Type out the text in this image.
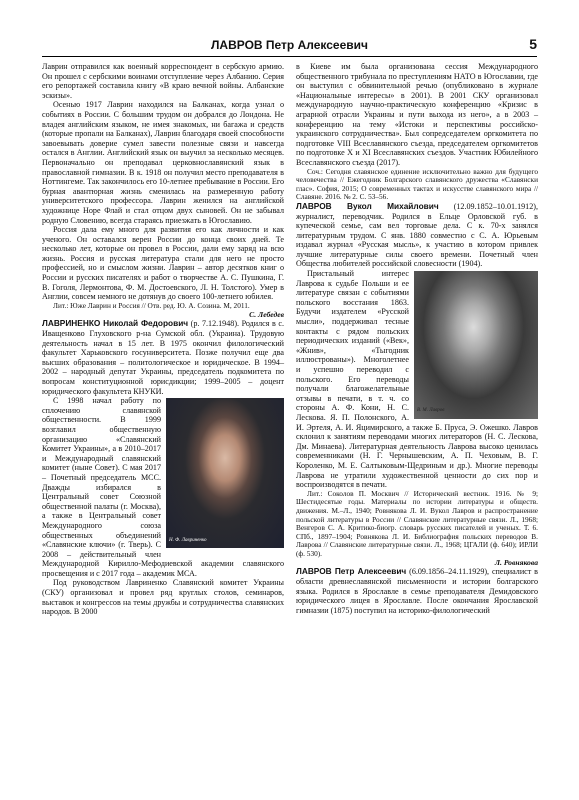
ЛАВРОВ Петр Алексеевич	5

Лаврин отправился как военный корреспондент в сербскую армию. Он прошел с сербскими воинами отступление через Албанию. Серия его репортажей составила книгу «В краю вечной войны. Албанские эскизы».

Осенью 1917 Лаврин находился на Балканах, когда узнал о событиях в России. С большим трудом он добрался до Лондона. Не владея английским языком, не имея знакомых, ни багажа и средств (которые пропали на Балканах), Лаврин благодаря своей способности завоевывать доверие сумел завести полезные связи и навсегда остался в Англии. Английский язык он выучил за несколько месяцев. Первоначально он преподавал церковнославянский язык в православной гимназии. В к. 1918 он получил место преподавателя в Ноттингеме. Так закончилось его 10-летнее пребывание в России. Его бурная авантюрная жизнь сменилась на размеренную работу университетского профессора. Лаврин женился на английской художнице Норе Флай и стал отцом двух сыновей. Он не забывал родную Словению, всегда стараясь приезжать в Югославию.

Россия дала ему много для развития его как личности и как ученого. Он оставался верен России до конца своих дней. Те несколько лет, которые он провел в России, дали ему заряд на всю жизнь. Россия и русская литература стали для него не просто профессией, но и смыслом жизни. Лаврин – автор десятков книг о России и русских писателях и работ о творчестве А. С. Пушкина, Г. В. Гоголя, Лермонтова, Ф. М. Достоевского, Л. Н. Толстого). Умер в Англии, совсем немного не дотянув до своего 100-летнего юбилея.

Лит.: Юже Лаврин и Россия // Отв. ред. Ю. А. Созина. М, 2011.

С. Лебедев

ЛАВРИНЕНКО Николай Федорович (р. 7.12.1948). Родился в с. Иващенково Глуховского р-на Сумской обл. (Украина). Трудовую деятельность начал в 15 лет. В 1975 окончил филологический факультет Харьковского госуниверситета. Позже получил еще два высших образования – политологическое и юридическое. В 1994–2002 – народный депутат Украины, председатель подкомитета по вопросам конституционной юрисдикции; 1999–2005 – доцент юридического факультета КНУКИ.

Н. Ф. Лавриненко

С 1998 начал работу по сплочению славянской общественности. В 1999 возглавил общественную организацию «Славянский Комитет Украины», а в 2010–2017 и Международный славянский комитет (ныне Совет). С мая 2017 – Почетный председатель МСС. Дважды избирался в Центральный совет Союзной общественной палаты (г. Москва), а также в Центральный совет Международного союза общественных объединений «Славянские ключи» (г. Тверь). С 2008 – действительный член Международной Кирилло-Мефодиевской академии славянского просвещения и с 2017 года – академик МСА.

Под руководством Лавриненко Славянский комитет Украины (СКУ) организовал и провел ряд круглых столов, семинаров, выставок и конгрессов на темы дружбы и сотрудничества славянских народов. В 2000

в Киеве им была организована сессия Международного общественного трибунала по преступлениям НАТО в Югославии, где он выступил с обвинительной речью (опубликовано в журнале «Национальные интересы» в 2001). В 2001 СКУ организовал международную научно-практическую конференцию «Кризис в аграрной отрасли Украины и пути выхода из него», а в 2003 – конференцию на тему «Истоки и перспективы российско-украинского сотрудничества». Был сопредседателем оргкомитета по подготовке VIII Всеславянского съезда, председателем оргкомитетов по подготовке X и XI Всеславянских съездов. Участник Юбилейного Всеславянского съезда (2017).

Соч.: Сегодня славянское единение исключительно важно для будущего человечества // Ежегодник Болгарского славянского дружества «Славянски глас». София, 2015; О современных тактах и искусстве славянского мира // Славяне. 2016. № 2. С. 53–56.

ЛАВРОВ Вукол Михайлович (12.09.1852–10.01.1912), журналист, переводчик. Родился в Ельце Орловской губ. в купеческой семье, сам вел торговые дела. С к. 70-х занялся литературным трудом. С янв. 1880 совместно с С. А. Юрьевым издавал журнал «Русская мысль», к участию в котором привлек лучшие литературные силы своего времени. Почетный член Общества любителей российской словесности (1904).

В. М. Лавров

Пристальный интерес Лаврова к судьбе Польши и ее литературе связан с событиями польского восстания 1863. Будучи издателем «Русской мысли», поддерживал тесные контакты с рядом польских периодических изданий («Век», «Жнив», «Тыгодник иллюстрованы»). Многолетнее и успешно переводил с польского. Его переводы получали благожелательные отзывы в печати, в т. ч. со стороны А. Ф. Кони, Н. С. Лескова. Я. П. Полонского, А. И. Эртеля, А. И. Яцимирского, а также Б. Пруса, Э. Ожешко. Лавров склонил к занятиям переводами многих литераторов (Н. С. Лескова, Дм. Минаева). Литературная деятельность Лаврова высоко ценилась современниками (Н. Г. Чернышевским, А. П. Чеховым, В. Г. Короленко, М. Е. Салтыковым-Щедриным и др.). Многие переводы Лаврова не утратили художественной ценности до сих пор и воспроизводятся в печати.

Лит.: Соколов П. Москвич // Исторический вестник. 1916. № 9; Шестидесятые годы. Материалы по истории литературы и обществ. движения. М.–Л., 1940; Ровнякова Л. И. Вукол Лавров и распространение польской литературы в России // Славянские литературные связи. Л., 1968; Венгеров С. А. Критико-биогр. словарь русских писателей и ученых. Т. 6. СПб., 1897–1904; Ровнякова Л. И. Библиография польских переводов В. Лаврова // Славянские литературные связи. Л., 1968; ЦГАЛИ (ф. 640); ИРЛИ (ф. 530).

Л. Ровнякова

ЛАВРОВ Петр Алексеевич (6.09.1856–24.11.1929), специалист в области древнеславянской письменности и истории болгарского языка. Родился в Ярославле в семье преподавателя Демидовского юридического лицея в Ярославле. После окончания Ярославской гимназии (1875) поступил на историко-филологический
